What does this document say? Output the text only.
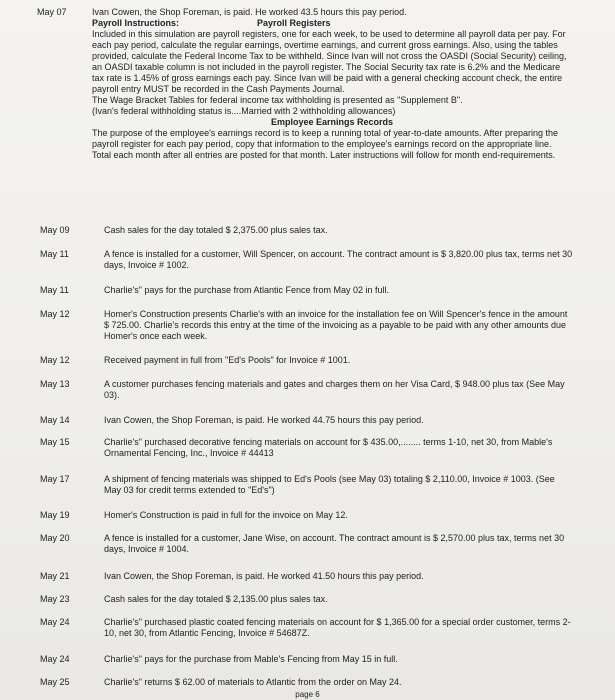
May 07	Ivan Cowen, the Shop Foreman, is paid. He worked 43.5 hours this pay period.

Payroll Instructions:	Payroll Registers

Included in this simulation are payroll registers, one for each week, to be used to determine all payroll data per pay. For each pay period, calculate the regular earnings, overtime earnings, and current gross earnings. Also, using the tables provided, calculate the Federal Income Tax to be withheld. Since Ivan will not cross the OASDI (Social Security) ceiling, an OASDI taxable column is not included in the payroll register. The Social Security tax rate is 6.2% and the Medicare tax rate is 1.45% of gross earnings each pay. Since Ivan will be paid with a general checking account check, the entire payroll entry MUST be recorded in the Cash Payments Journal.

The Wage Bracket Tables for federal income tax withholding is presented as "Supplement B".

(Ivan's federal withholding status is....Married with 2 withholding allowances)

Employee Earnings Records

The purpose of the employee's earnings record is to keep a running total of year-to-date amounts. After preparing the payroll register for each pay period, copy that information to the employee's earnings record on the appropriate line. Total each month after all entries are posted for that month. Later instructions will follow for month end-requirements.

May 09	Cash sales for the day totaled $ 2,375.00 plus sales tax.
May 11	A fence is installed for a customer, Will Spencer, on account. The contract amount is $ 3,820.00 plus tax, terms net 30 days, Invoice # 1002.
May 11	Charlie's" pays for the purchase from Atlantic Fence from May 02 in full.
May 12	Homer's Construction presents Charlie's with an invoice for the installation fee on Will Spencer's fence in the amount $ 725.00. Charlie's records this entry at the time of the invoicing as a payable to be paid with any other amounts due Homer's once each week.
May 12	Received payment in full from "Ed's Pools" for Invoice # 1001.
May 13	A customer purchases fencing materials and gates and charges them on her Visa Card, $ 948.00 plus tax (See May 03).
May 14	Ivan Cowen, the Shop Foreman, is paid. He worked 44.75 hours this pay period.
May 15	Charlie's" purchased decorative fencing materials on account for $ 435.00,........ terms 1-10, net 30, from Mable's Ornamental Fencing, Inc., Invoice # 44413
May 17	A shipment of fencing materials was shipped to Ed's Pools (see May 03) totaling $ 2,110.00, Invoice # 1003. (See May 03 for credit terms extended to "Ed's")
May 19	Homer's Construction is paid in full for the invoice on May 12.
May 20	A fence is installed for a customer, Jane Wise, on account. The contract amount is $ 2,570.00 plus tax, terms net 30 days, Invoice # 1004.
May 21	Ivan Cowen, the Shop Foreman, is paid. He worked 41.50 hours this pay period.
May 23	Cash sales for the day totaled $ 2,135.00 plus sales tax.
May 24	Charlie's" purchased plastic coated fencing materials on account for $ 1,365.00 for a special order customer, terms 2-10, net 30, from Atlantic Fencing, Invoice # 54687Z.
May 24	Charlie's" pays for the purchase from Mable's Fencing from May 15 in full.
May 25	Charlie's" returns $ 62.00 of materials to Atlantic from the order on May 24.
page 6
